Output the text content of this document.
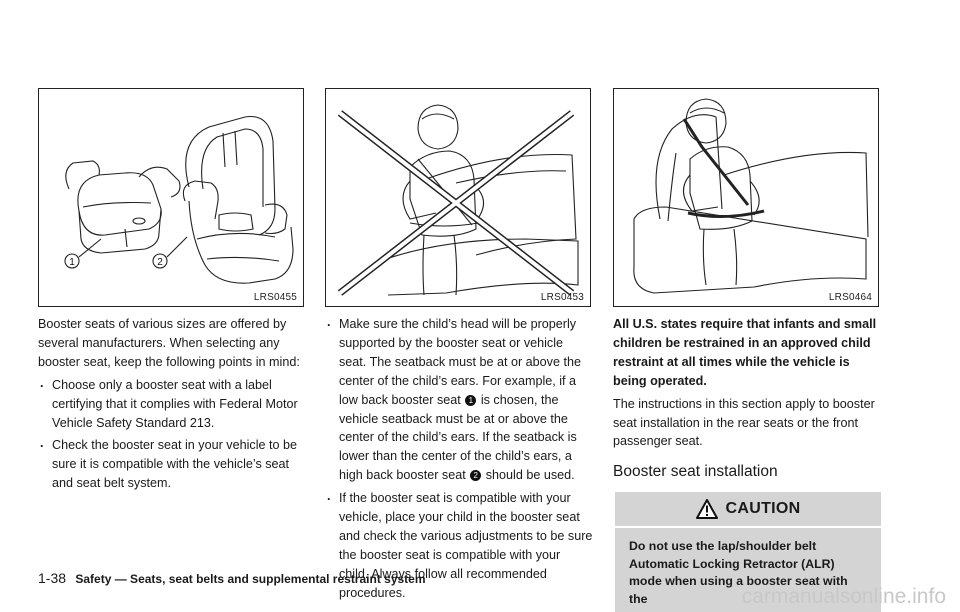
1	2
LRS0455	LRS0453	LRS0464

Booster seats of various sizes are offered by several manufacturers. When selecting any booster seat, keep the following points in mind:

. Choose only a booster seat with a label certifying that it complies with Federal Motor Vehicle Safety Standard 213.
. Check the booster seat in your vehicle to be sure it is compatible with the vehicle’s seat and seat belt system.
. Make sure the child’s head will be properly supported by the booster seat or vehicle seat. The seatback must be at or above the center of the child’s ears. For example, if a low back booster seat 1 is chosen, the vehicle seatback must be at or above the center of the child’s ears. If the seatback is lower than the center of the child’s ears, a high back booster seat 2 should be used.
. If the booster seat is compatible with your vehicle, place your child in the booster seat and check the various adjustments to be sure the booster seat is compatible with your child. Always follow all recommended procedures.

All U.S. states require that infants and small children be restrained in an approved child restraint at all times while the vehicle is being operated.

The instructions in this section apply to booster seat installation in the rear seats or the front passenger seat.

Booster seat installation
CAUTION
Do not use the lap/shoulder belt Automatic Locking Retractor (ALR) mode when using a booster seat with the
1-38 Safety — Seats, seat belts and supplemental restraint system
carmanualsonline.info
